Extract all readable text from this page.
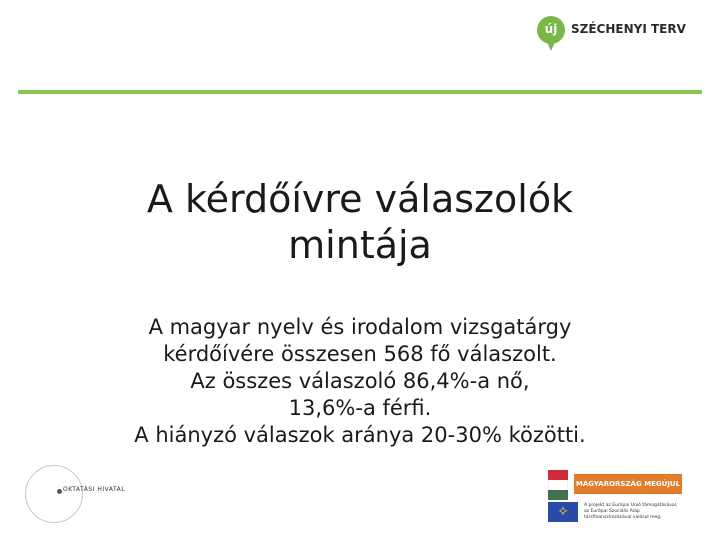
új	SZÉCHENYI TERV
A kérdőívre válaszolók
mintája
A magyar nyelv és irodalom vizsgatárgy
kérdőívére összesen 568 fő válaszolt.
Az összes válaszoló 86,4%-a nő,
13,6%-a férfi.
A hiányzó válaszok aránya 20-30% közötti.
OKTATÁSI HIVATAL
MAGYARORSZÁG MEGÚJUL
✧	A projekt az Európai Unió támogatásával,
az Európai Szociális Alap
társfinanszírozásával valósul meg.
